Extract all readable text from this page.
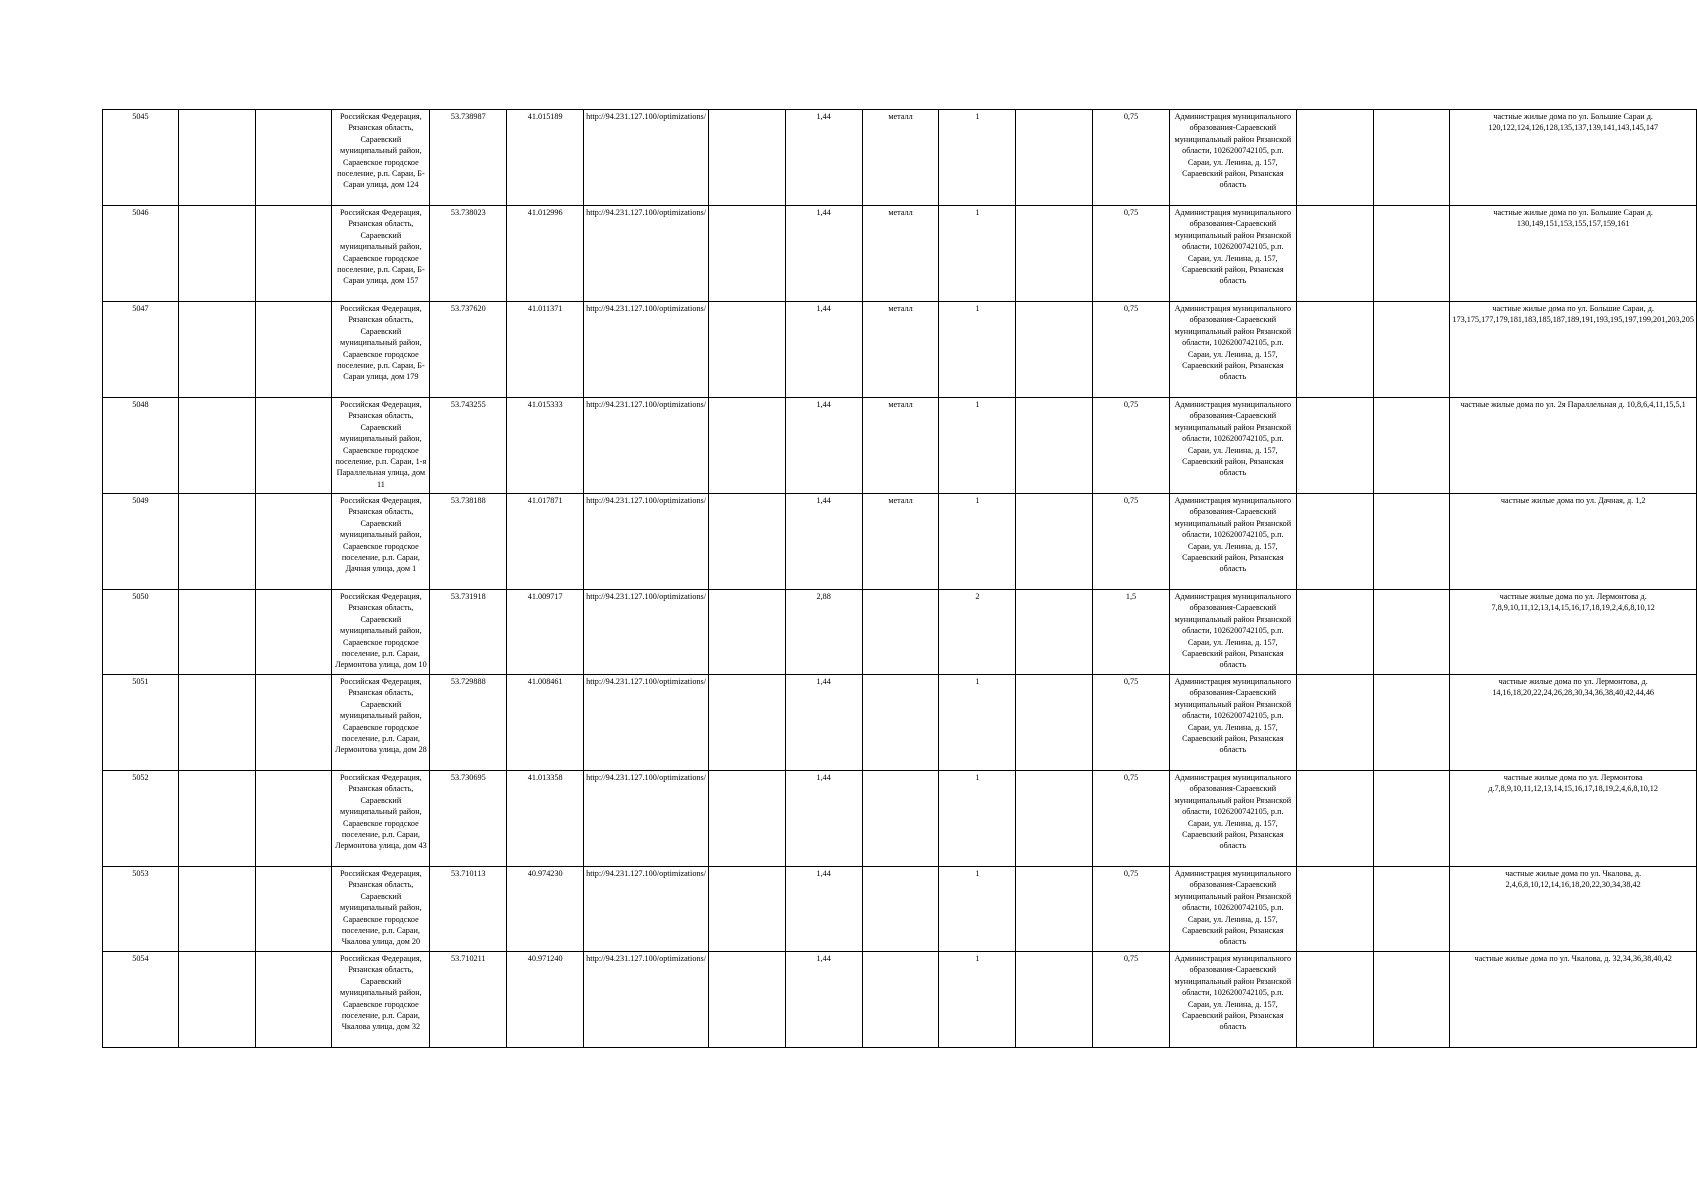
5045			Российская Федерация, Рязанская область, Сараевский муниципальный район, Сараевское городское поселение, р.п. Сараи, Б-Сараи улица, дом 124	53.738987	41.015189	http://94.231.127.100/optimizations/		1,44	металл	1		0,75	Администрация муниципального образования-Сараевский муниципальный район Рязанской области, 1026200742105, р.п. Сараи, ул. Ленина, д. 157, Сараевский район, Рязанская область			частные жилые дома по ул. Большие Сараи д. 120,122,124,126,128,135,137,139,141,143,145,147
5046			Российская Федерация, Рязанская область, Сараевский муниципальный район, Сараевское городское поселение, р.п. Сараи, Б-Сараи улица, дом 157	53.738023	41.012996	http://94.231.127.100/optimizations/		1,44	металл	1		0,75	Администрация муниципального образования-Сараевский муниципальный район Рязанской области, 1026200742105, р.п. Сараи, ул. Ленина, д. 157, Сараевский район, Рязанская область			частные жилые дома по ул. Большие Сараи д. 130,149,151,153,155,157,159,161
5047			Российская Федерация, Рязанская область, Сараевский муниципальный район, Сараевское городское поселение, р.п. Сараи, Б-Сараи улица, дом 179	53.737620	41.011371	http://94.231.127.100/optimizations/		1,44	металл	1		0,75	Администрация муниципального образования-Сараевский муниципальный район Рязанской области, 1026200742105, р.п. Сараи, ул. Ленина, д. 157, Сараевский район, Рязанская область			частные жилые дома по ул. Большие Сараи, д. 173,175,177,179,181,183,185,187,189,191,193,195,197,199,201,203,205
5048			Российская Федерация, Рязанская область, Сараевский муниципальный район, Сараевское городское поселение, р.п. Сараи, 1-я Параллельная улица, дом 11	53.743255	41.015333	http://94.231.127.100/optimizations/		1,44	металл	1		0,75	Администрация муниципального образования-Сараевский муниципальный район Рязанской области, 1026200742105, р.п. Сараи, ул. Ленина, д. 157, Сараевский район, Рязанская область			частные жилые дома по ул. 2я Параллельная д. 10,8,6,4,11,15,5,1
5049			Российская Федерация, Рязанская область, Сараевский муниципальный район, Сараевское городское поселение, р.п. Сараи, Дачная улица, дом 1	53.738188	41.017871	http://94.231.127.100/optimizations/		1,44	металл	1		0,75	Администрация муниципального образования-Сараевский муниципальный район Рязанской области, 1026200742105, р.п. Сараи, ул. Ленина, д. 157, Сараевский район, Рязанская область			частные жилые дома по ул. Дачная, д. 1,2
5050			Российская Федерация, Рязанская область, Сараевский муниципальный район, Сараевское городское поселение, р.п. Сараи, Лермонтова улица, дом 10	53.731918	41.009717	http://94.231.127.100/optimizations/		2,88		2		1,5	Администрация муниципального образования-Сараевский муниципальный район Рязанской области, 1026200742105, р.п. Сараи, ул. Ленина, д. 157, Сараевский район, Рязанская область			частные жилые дома по ул. Лермонтова д. 7,8,9,10,11,12,13,14,15,16,17,18,19,2,4,6,8,10,12
5051			Российская Федерация, Рязанская область, Сараевский муниципальный район, Сараевское городское поселение, р.п. Сараи, Лермонтова улица, дом 28	53.729888	41.008461	http://94.231.127.100/optimizations/		1,44		1		0,75	Администрация муниципального образования-Сараевский муниципальный район Рязанской области, 1026200742105, р.п. Сараи, ул. Ленина, д. 157, Сараевский район, Рязанская область			частные жилые дома по ул. Лермонтова, д. 14,16,18,20,22,24,26,28,30,34,36,38,40,42,44,46
5052			Российская Федерация, Рязанская область, Сараевский муниципальный район, Сараевское городское поселение, р.п. Сараи, Лермонтова улица, дом 43	53.730695	41.013358	http://94.231.127.100/optimizations/		1,44		1		0,75	Администрация муниципального образования-Сараевский муниципальный район Рязанской области, 1026200742105, р.п. Сараи, ул. Ленина, д. 157, Сараевский район, Рязанская область			частные жилые дома по ул. Лермонтова д.7,8,9,10,11,12,13,14,15,16,17,18,19,2,4,6,8,10,12
5053			Российская Федерация, Рязанская область, Сараевский муниципальный район, Сараевское городское поселение, р.п. Сараи, Чкалова улица, дом 20	53.710113	40.974230	http://94.231.127.100/optimizations/		1,44		1		0,75	Администрация муниципального образования-Сараевский муниципальный район Рязанской области, 1026200742105, р.п. Сараи, ул. Ленина, д. 157, Сараевский район, Рязанская область			частные жилые дома по ул. Чкалова, д. 2,4,6,8,10,12,14,16,18,20,22,30,34,38,42
5054			Российская Федерация, Рязанская область, Сараевский муниципальный район, Сараевское городское поселение, р.п. Сараи, Чкалова улица, дом 32	53.710211	40.971240	http://94.231.127.100/optimizations/		1,44		1		0,75	Администрация муниципального образования-Сараевский муниципальный район Рязанской области, 1026200742105, р.п. Сараи, ул. Ленина, д. 157, Сараевский район, Рязанская область			частные жилые дома по ул. Чкалова, д. 32,34,36,38,40,42
